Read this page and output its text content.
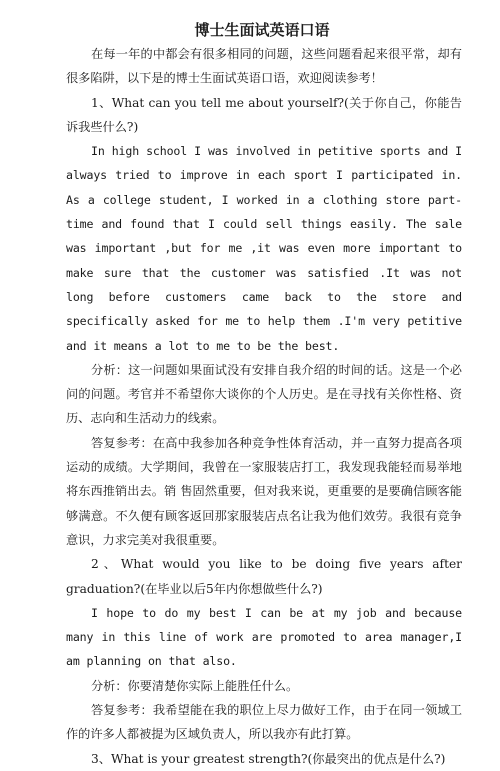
博士生面试英语口语

在每一年的中都会有很多相同的问题，这些问题看起来很平常，却有很多陷阱，以下是的博士生面试英语口语，欢迎阅读参考！

1、What can you tell me about yourself?(关于你自己，你能告诉我些什么?)

In high school I was involved in petitive sports and I always tried to improve in each sport I participated in. As a college student, I worked in a clothing store part-time and found that I could sell things easily. The sale was important ,but for me ,it was even more important to make sure that the customer was satisfied .It was not long before customers came back to the store and specifically asked for me to help them .I'm very petitive and it means a lot to me to be the best.

分析：这一问题如果面试没有安排自我介绍的时间的话。这是一个必问的问题。考官并不希望你大谈你的个人历史。是在寻找有关你性格、资历、志向和生活动力的线索。

答复参考：在高中我参加各种竞争性体育活动，并一直努力提高各项运动的成绩。大学期间，我曾在一家服装店打工，我发现我能轻而易举地将东西推销出去。销 售固然重要，但对我来说，更重要的是要确信顾客能够满意。不久便有顾客返回那家服装店点名让我为他们效劳。我很有竞争意识，力求完美对我很重要。

2、What would you like to be doing five years after graduation?(在毕业以后5年内你想做些什么?)

I hope to do my best I can be at my job and because many in this line of work are promoted to area manager,I am planning on that also.

分析：你要清楚你实际上能胜任什么。

答复参考：我希望能在我的职位上尽力做好工作，由于在同一领域工作的许多人都被提为区域负责人，所以我亦有此打算。

3、What is your greatest strength?(你最突出的优点是什么?)
